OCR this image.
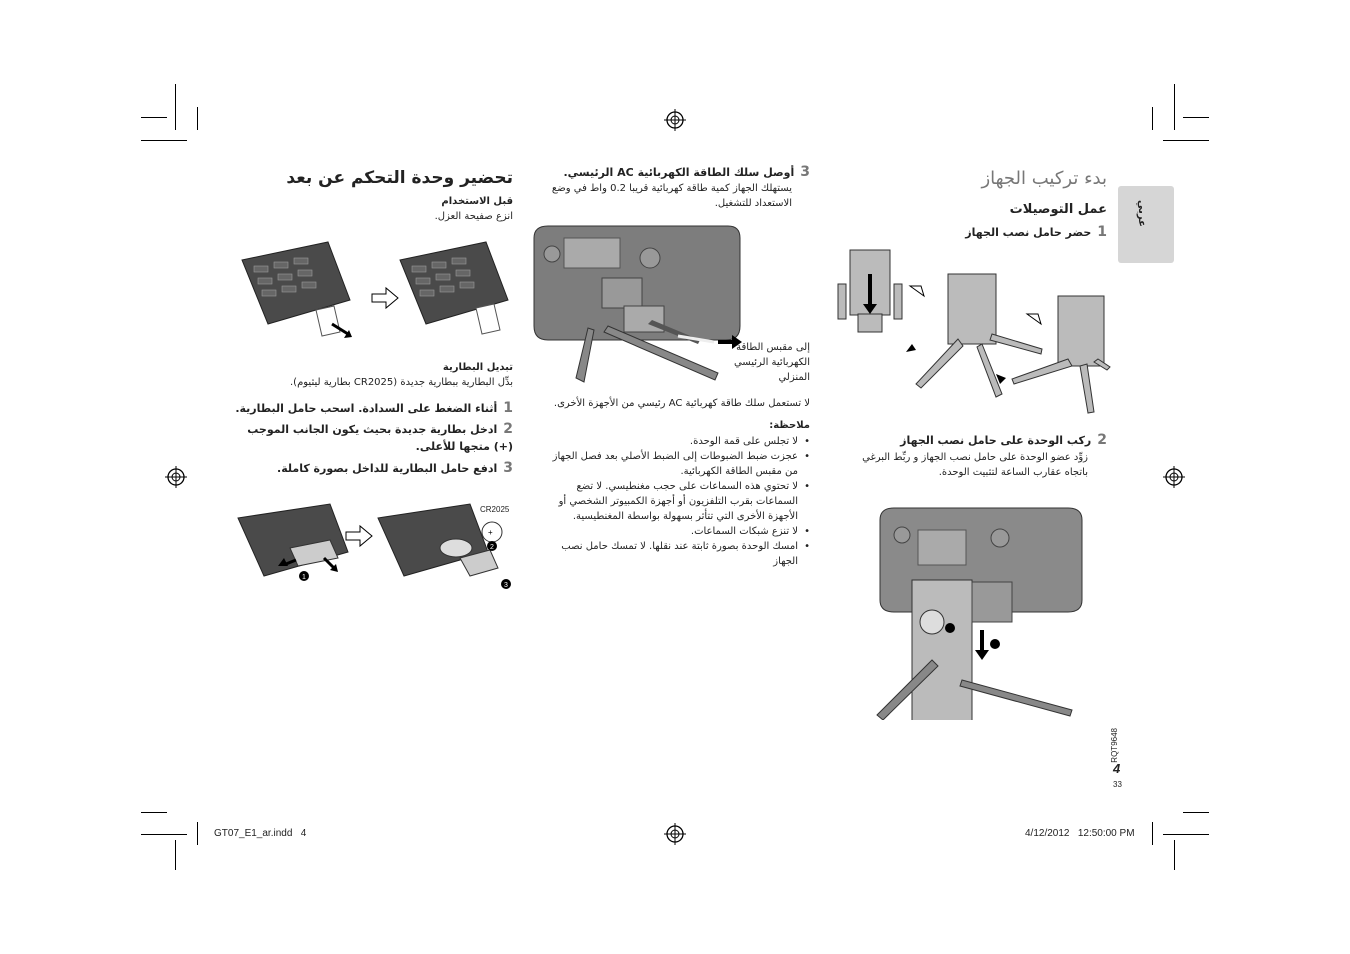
عربي
بدء تركيب الجهاز
عمل التوصيلات
1حضر حامل نصب الجهاز
2ركب الوحدة على حامل نصب الجهاز
زوِّد عضو الوحدة على حامل نصب الجهاز و ربِّط البرغي باتجاه عقارب الساعة لتثبيت الوحدة.
RQT9648
4
33
3أوصل سلك الطاقة الكهربائية AC الرئيسي.
يستهلك الجهاز كمية طاقة كهربائية قريبا 0.2 واط في وضع الاستعداد للتشغيل.
إلى مقبس الطاقة
الكهربائية الرئيسي
المنزلي
لا تستعمل سلك طاقة كهربائية AC رئيسي من الأجهزة الأخرى.
ملاحظة:
• لا تجلس على قمة الوحدة.
• عجزت ضبط الضبوطات إلى الضبط الأصلي بعد فصل الجهاز من مقبس الطاقة الكهربائية.
• لا تحتوي هذه السماعات على حجب مغنطيسي. لا تضع السماعات بقرب التلفزيون أو أجهزة الكمبيوتر الشخصي أو الأجهزة الأخرى التي تتأثر بسهولة بواسطة المغنطيسية.
• لا تنزع شبكات السماعات.
• امسك الوحدة بصورة ثابتة عند نقلها. لا تمسك حامل نصب الجهاز
تحضير وحدة التحكم عن بعد
قبل الاستخدام
انزع صفيحة العزل.
تبديل البطارية
بدِّل البطارية ببطارية جديدة (CR2025 بطارية ليثيوم).
1أثناء الضغط على السدادة. اسحب حامل البطارية.
2ادخل بطارية جديدة بحيث يكون الجانب الموجب (+) متجها للأعلى.
3ادفع حامل البطارية للداخل بصورة كاملة.
1
+
2
3
CR2025
GT07_E1_ar.indd   4	4/12/2012   12:50:00 PM
